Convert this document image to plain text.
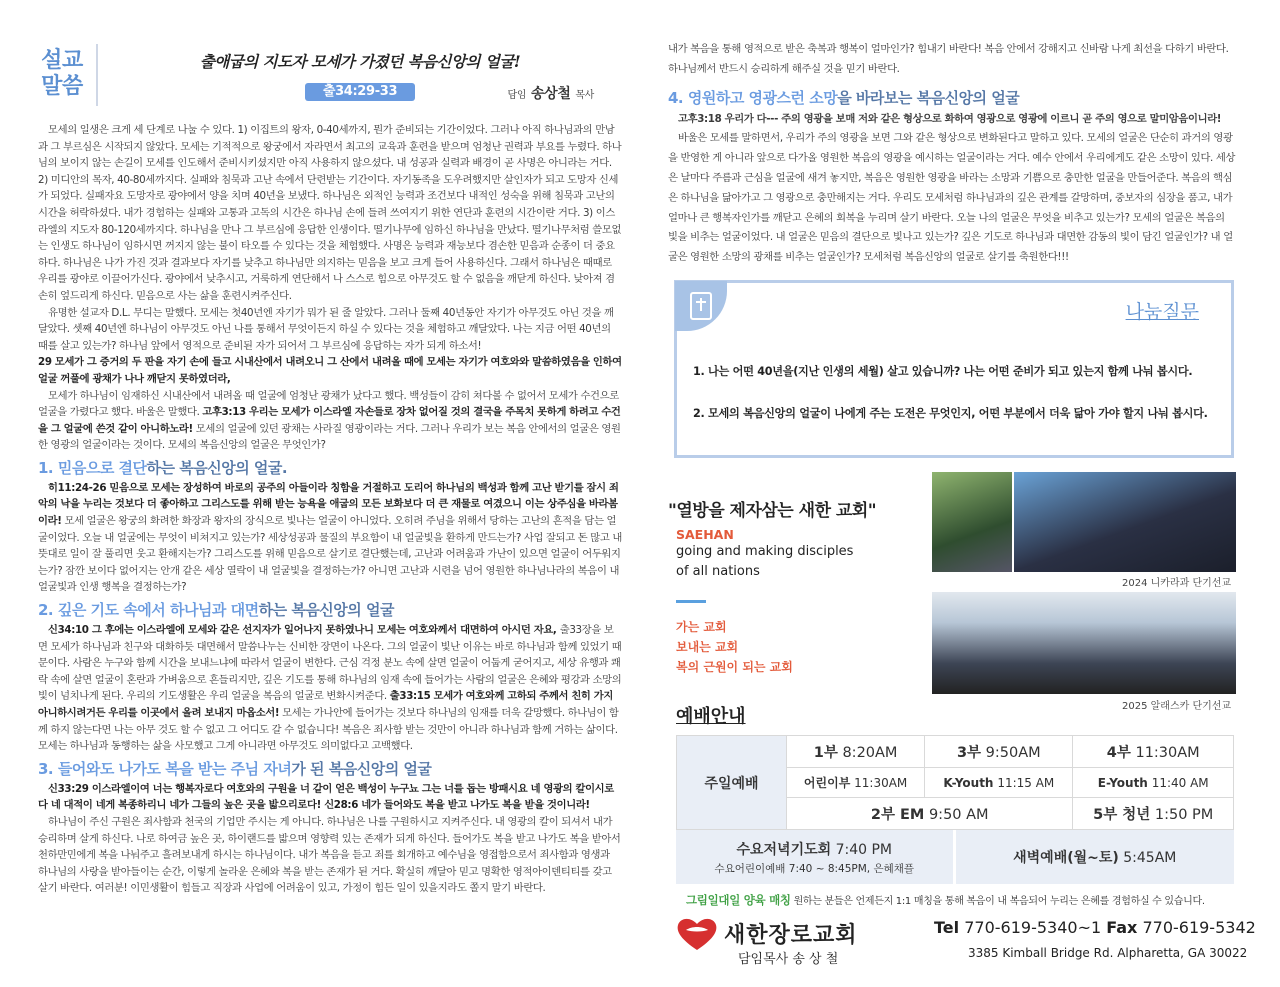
설교
말씀
출애굽의 지도자 모세가 가졌던 복음신앙의 얼굴!
출34:29-33	담임 송상철 목사

모세의 일생은 크게 세 단계로 나눌 수 있다. 1) 이집트의 왕자, 0-40세까지, 뭔가 준비되는 기간이었다. 그러나 아직 하나님과의 만남과 그 부르심은 시작되지 않았다. 모세는 기적적으로 왕궁에서 자라면서 최고의 교육과 훈련을 받으며 엄청난 권력과 부요를 누렸다. 하나님의 보이지 않는 손길이 모세를 인도해서 준비시키셨지만 아직 사용하지 않으셨다. 내 성공과 실력과 배경이 곧 사명은 아니라는 거다. 2) 미디안의 목자, 40-80세까지다. 실패와 침묵과 고난 속에서 단련받는 기간이다. 자기동족을 도우려했지만 살인자가 되고 도망자 신세가 되었다. 실패자요 도망자로 광야에서 양을 치며 40년을 보냈다. 하나님은 외적인 능력과 조건보다 내적인 성숙을 위해 침묵과 고난의 시간을 허락하셨다. 내가 경험하는 실패와 고통과 고독의 시간은 하나님 손에 들려 쓰여지기 위한 연단과 훈련의 시간이란 거다. 3) 이스라엘의 지도자 80-120세까지다. 하나님을 만나 그 부르심에 응답한 인생이다. 떨기나무에 임하신 하나님을 만났다. 떨기나무처럼 쓸모없는 인생도 하나님이 임하시면 꺼지지 않는 불이 타오를 수 있다는 것을 체험했다. 사명은 능력과 재능보다 겸손한 믿음과 순종이 더 중요하다. 하나님은 나가 가진 것과 결과보다 자기를 낮추고 하나님만 의지하는 믿음을 보고 크게 들어 사용하신다. 그래서 하나님은 때때로 우리를 광야로 이끌어가신다. 광야에서 낮추시고, 거룩하게 연단해서 나 스스로 힘으로 아무것도 할 수 없음을 깨닫게 하신다. 낮아져 겸손히 엎드리게 하신다. 믿음으로 사는 삶을 훈련시켜주신다.

유명한 설교자 D.L. 무디는 말했다. 모세는 첫40년엔 자기가 뭐가 된 줄 알았다. 그러나 둘째 40년동안 자기가 아무것도 아닌 것을 깨달았다. 셋째 40년엔 하나님이 아무것도 아닌 나를 통해서 무엇이든지 하실 수 있다는 것을 체험하고 깨달았다. 나는 지금 어떤 40년의 때를 살고 있는가? 하나님 앞에서 영적으로 준비된 자가 되어서 그 부르심에 응답하는 자가 되게 하소서!

29 모세가 그 증거의 두 판을 자기 손에 들고 시내산에서 내려오니 그 산에서 내려올 때에 모세는 자기가 여호와와 말씀하였음을 인하여 얼굴 꺼풀에 광채가 나나 깨닫지 못하였더라,

모세가 하나님이 임재하신 시내산에서 내려올 때 얼굴에 엄청난 광채가 났다고 했다. 백성들이 감히 쳐다볼 수 없어서 모세가 수건으로 얼굴을 가렸다고 했다. 바울은 말했다. 고후3:13 우리는 모세가 이스라엘 자손들로 장차 없어질 것의 결국을 주목치 못하게 하려고 수건을 그 얼굴에 쓴것 같이 아니하노라! 모세의 얼굴에 있던 광채는 사라질 영광이라는 거다. 그러나 우리가 보는 복음 안에서의 얼굴은 영원한 영광의 얼굴이라는 것이다. 모세의 복음신앙의 얼굴은 무엇인가?

1. 믿음으로 결단하는 복음신앙의 얼굴.

히11:24-26 믿음으로 모세는 장성하여 바로의 공주의 아들이라 칭함을 거절하고 도리어 하나님의 백성과 함께 고난 받기를 잠시 죄악의 낙을 누리는 것보다 더 좋아하고 그리스도를 위해 받는 능욕을 애굽의 모든 보화보다 더 큰 재물로 여겼으니 이는 상주심을 바라봄이라! 모세 얼굴은 왕궁의 화려한 화장과 왕자의 장식으로 빛나는 얼굴이 아니었다. 오히려 주님을 위해서 당하는 고난의 흔적을 담는 얼굴이었다. 오늘 내 얼굴에는 무엇이 비쳐지고 있는가? 세상성공과 물질의 부요함이 내 얼굴빛을 환하게 만드는가? 사업 잘되고 돈 많고 내 뜻대로 일이 잘 풀리면 웃고 환해지는가? 그리스도를 위해 믿음으로 살기로 결단했는데, 고난과 어려움과 가난이 있으면 얼굴이 어두워지는가? 잠깐 보이다 없어지는 안개 같은 세상 열락이 내 얼굴빛을 결정하는가? 아니면 고난과 시련을 넘어 영원한 하나님나라의 복음이 내 얼굴빛과 인생 행복을 결정하는가?

2. 깊은 기도 속에서 하나님과 대면하는 복음신앙의 얼굴

신34:10 그 후에는 이스라엘에 모세와 같은 선지자가 일어나지 못하였나니 모세는 여호와께서 대면하여 아시던 자요, 출33장을 보면 모세가 하나님과 친구와 대화하듯 대면해서 말씀나누는 신비한 장면이 나온다. 그의 얼굴이 빛난 이유는 바로 하나님과 함께 있었기 때문이다. 사람은 누구와 함께 시간을 보내느냐에 따라서 얼굴이 변한다. 근심 걱정 분노 속에 살면 얼굴이 어둡게 굳어지고, 세상 유행과 쾌락 속에 살면 얼굴이 혼란과 가벼움으로 흔들리지만, 깊은 기도를 통해 하나님의 임재 속에 들어가는 사람의 얼굴은 은혜와 평강과 소망의 빛이 넘치나게 된다. 우리의 기도생활은 우리 얼굴을 복음의 얼굴로 변화시켜준다. 출33:15 모세가 여호와께 고하되 주께서 친히 가지 아니하시려거든 우리를 이곳에서 올려 보내지 마옵소서! 모세는 가나안에 들어가는 것보다 하나님의 임재를 더욱 갈망했다. 하나님이 함께 하지 않는다면 나는 아무 것도 할 수 없고 그 어디도 갈 수 없습니다! 복음은 죄사함 받는 것만이 아니라 하나님과 함께 거하는 삶이다. 모세는 하나님과 동행하는 삶을 사모했고 그게 아니라면 아무것도 의미없다고 고백했다.

3. 들어와도 나가도 복을 받는 주님 자녀가 된 복음신앙의 얼굴

신33:29 이스라엘이여 너는 행복자로다 여호와의 구원을 너 같이 얻은 백성이 누구뇨 그는 너를 돕는 방패시요 네 영광의 칼이시로다 네 대적이 네게 복종하리니 네가 그들의 높은 곳을 밟으리로다! 신28:6 네가 들어와도 복을 받고 나가도 복을 받을 것이니라!

하나님이 주신 구원은 죄사함과 천국의 기업만 주시는 게 아니다. 하나님은 나를 구원하시고 지켜주신다. 내 영광의 칼이 되셔서 내가 승리하며 살게 하신다. 나로 하여금 높은 곳, 하이랜드를 밟으며 영향력 있는 존재가 되게 하신다. 들어가도 복을 받고 나가도 복을 받아서 천하만민에게 복을 나눠주고 흘려보내게 하시는 하나님이다. 내가 복음을 듣고 죄를 회개하고 예수님을 영접함으로서 죄사함과 영생과 하나님의 사랑을 받아들이는 순간, 이렇게 놀라운 은혜와 복을 받는 존재가 된 거다. 확실히 깨달아 믿고 명확한 영적아이덴티티를 갖고 살기 바란다. 여러분! 이민생활이 힘들고 직장과 사업에 어려움이 있고, 가정이 힘든 일이 있을지라도 쫄지 말기 바란다.

내가 복음을 통해 영적으로 받은 축복과 행복이 얼마인가? 힘내기 바란다! 복음 안에서 강해지고 신바람 나게 최선을 다하기 바란다. 하나님께서 반드시 승리하게 해주실 것을 믿기 바란다.

4. 영원하고 영광스런 소망을 바라보는 복음신앙의 얼굴

고후3:18 우리가 다--- 주의 영광을 보매 저와 같은 형상으로 화하여 영광으로 영광에 이르니 곧 주의 영으로 말미암음이니라!

바울은 모세를 말하면서, 우리가 주의 영광을 보면 그와 같은 형상으로 변화된다고 말하고 있다. 모세의 얼굴은 단순히 과거의 영광을 반영한 게 아니라 앞으로 다가올 영원한 복음의 영광을 예시하는 얼굴이라는 거다. 예수 안에서 우리에게도 같은 소망이 있다. 세상은 날마다 주름과 근심을 얼굴에 새겨 놓지만, 복음은 영원한 영광을 바라는 소망과 기쁨으로 충만한 얼굴을 만들어준다. 복음의 핵심은 하나님을 닮아가고 그 영광으로 충만해지는 거다. 우리도 모세처럼 하나님과의 깊은 관계를 갈망하며, 중보자의 심장을 품고, 내가 얼마나 큰 행복자인가를 깨닫고 은혜의 회복을 누리며 살기 바란다. 오늘 나의 얼굴은 무엇을 비추고 있는가? 모세의 얼굴은 복음의 빛을 비추는 얼굴이었다. 내 얼굴은 믿음의 결단으로 빛나고 있는가? 깊은 기도로 하나님과 대면한 감동의 빛이 담긴 얼굴인가? 내 얼굴은 영원한 소망의 광채를 비추는 얼굴인가? 모세처럼 복음신앙의 얼굴로 살기를 축원한다!!!

나눔질문
1. 나는 어떤 40년을(지난 인생의 세월) 살고 있습니까? 나는 어떤 준비가 되고 있는지 함께 나눠 봅시다.
2. 모세의 복음신앙의 얼굴이 나에게 주는 도전은 무엇인지, 어떤 부분에서 더욱 닮아 가야 할지 나눠 봅시다.
"열방을 제자삼는 새한 교회"
SAEHAN
going and making disciples
of all nations
가는 교회
보내는 교회
복의 근원이 되는 교회
2024 니카라과 단기선교
2025 알래스카 단기선교
예배안내
주일예배	1부 8:20AM	3부 9:50AM	4부 11:30AM
	어린이부 11:30AM	K-Youth 11:15 AM	E-Youth 11:40 AM
	2부 EM 9:50 AM		5부 청년 1:50 PM
수요저녁기도회 7:40 PM
수요어린이예배 7:40 ~ 8:45PM, 은혜채플
	새벽예배(월~토) 5:45AM
그림일대일 양육 매칭 원하는 분들은 언제든지 1:1 매칭을 통해 복음이 내 복음되어 누리는 은혜를 경험하실 수 있습니다.
새한장로교회
담임목사 송 상 철
Tel 770-619-5340~1 Fax 770-619-5342
3385 Kimball Bridge Rd. Alpharetta, GA 30022
